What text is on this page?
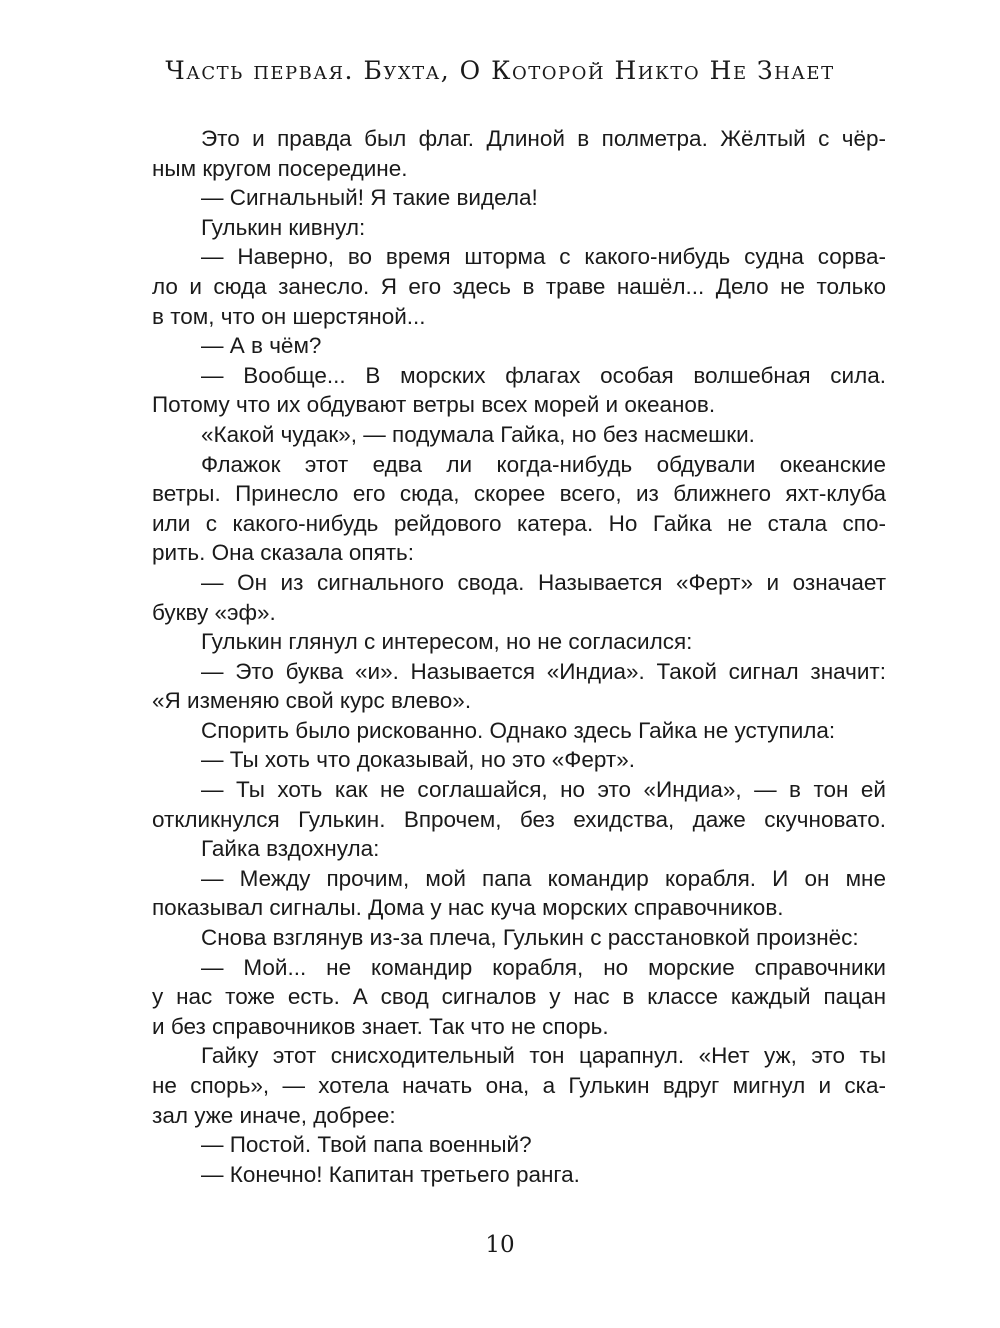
Часть первая. Бухта, О Которой Никто Не Знает
Это и правда был флаг. Длиной в полметра. Жёлтый с чёр-
ным кругом посередине.
— Сигнальный! Я такие видела!
Гулькин кивнул:
— Наверно, во время шторма с какого-нибудь судна сорва-
ло и сюда занесло. Я его здесь в траве нашёл... Дело не только
в том, что он шерстяной...
— А в чём?
— Вообще... В морских флагах особая волшебная сила.
Потому что их обдувают ветры всех морей и океанов.
«Какой чудак», — подумала Гайка, но без насмешки.
Флажок этот едва ли когда-нибудь обдували океанские
ветры. Принесло его сюда, скорее всего, из ближнего яхт-клуба
или с какого-нибудь рейдового катера. Но Гайка не стала спо-
рить. Она сказала опять:
— Он из сигнального свода. Называется «Ферт» и означает
букву «эф».
Гулькин глянул с интересом, но не согласился:
— Это буква «и». Называется «Индиа». Такой сигнал значит:
«Я изменяю свой курс влево».
Спорить было рискованно. Однако здесь Гайка не уступила:
— Ты хоть что доказывай, но это «Ферт».
— Ты хоть как не соглашайся, но это «Индиа», — в тон ей
откликнулся Гулькин. Впрочем, без ехидства, даже скучновато.
Гайка вздохнула:
— Между прочим, мой папа командир корабля. И он мне
показывал сигналы. Дома у нас куча морских справочников.
Снова взглянув из-за плеча, Гулькин с расстановкой произнёс:
— Мой... не командир корабля, но морские справочники
у нас тоже есть. А свод сигналов у нас в классе каждый пацан
и без справочников знает. Так что не спорь.
Гайку этот снисходительный тон царапнул. «Нет уж, это ты
не спорь», — хотела начать она, а Гулькин вдруг мигнул и ска-
зал уже иначе, добрее:
— Постой. Твой папа военный?
— Конечно! Капитан третьего ранга.
10
